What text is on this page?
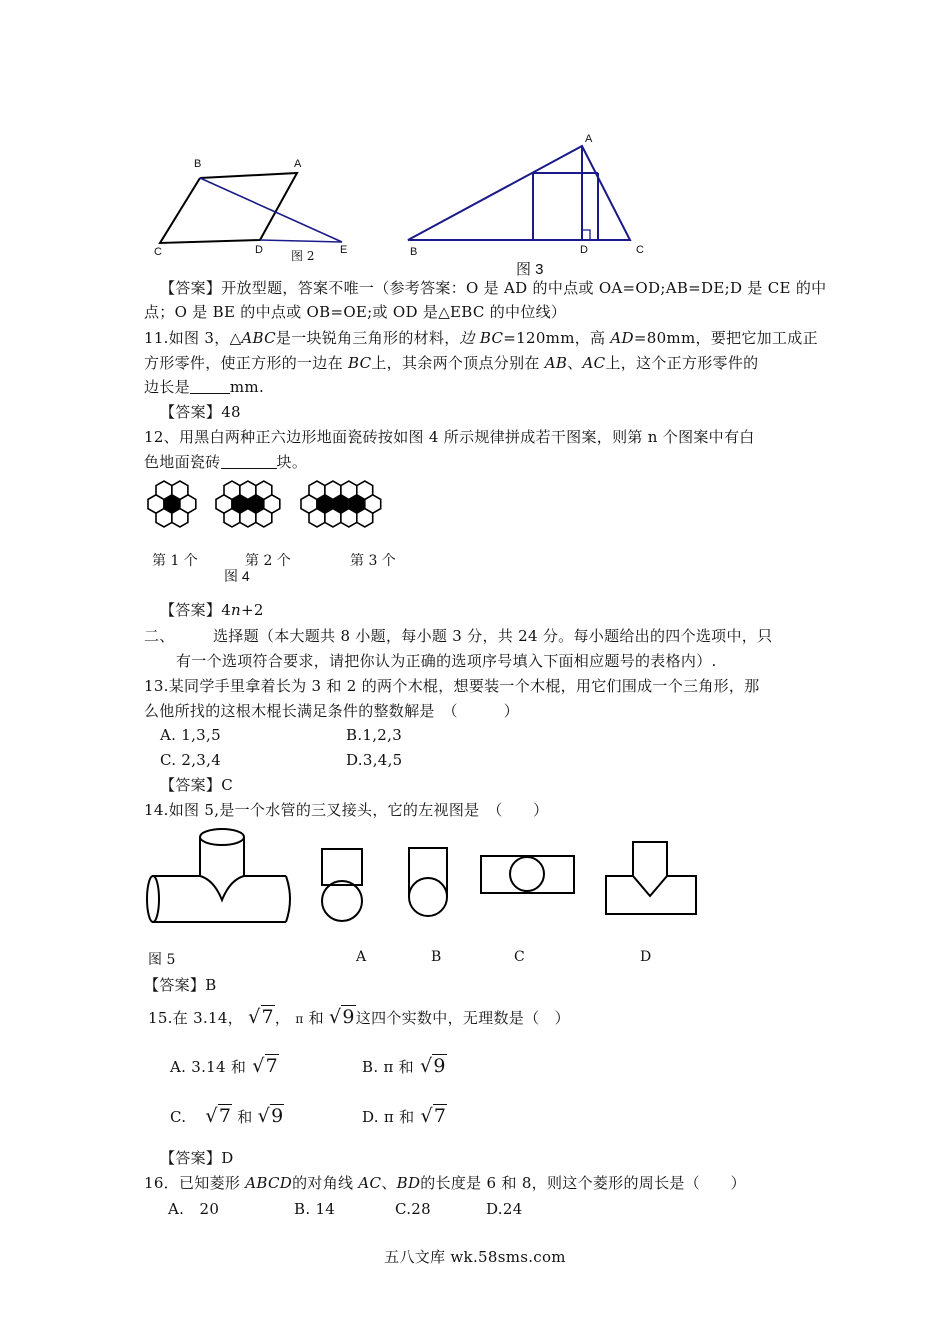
B	A
C	D	E
图 2
A
B	D	C
图 3
【答案】开放型题，答案不唯一（参考答案：O 是 AD 的中点或 OA=OD;AB=DE;D 是 CE 的中
点；O 是 BE 的中点或 OB=OE;或 OD 是△EBC 的中位线）
11.如图 3，△ABC是一块锐角三角形的材料，边 BC=120mm，高 AD=80mm，要把它加工成正
方形零件，使正方形的一边在 BC上，其余两个顶点分别在 AB、AC上，这个正方形零件的
边长是	mm.
【答案】48
12、用黑白两种正六边形地面瓷砖按如图 4 所示规律拼成若干图案，则第 n 个图案中有白
色地面瓷砖	块。
第 1 个	第 2 个	第 3 个
图 4
【答案】4n+2
二、	选择题（本大题共 8 小题，每小题 3 分，共 24 分。每小题给出的四个选项中，只
有一个选项符合要求，请把你认为正确的选项序号填入下面相应题号的表格内）.
13.某同学手里拿着长为 3 和 2 的两个木棍，想要装一个木棍，用它们围成一个三角形，那
么他所找的这根木棍长满足条件的整数解是　（　　　）
A. 1,3,5	B.1,2,3
C. 2,3,4	D.3,4,5
【答案】C
14.如图 5,是一个水管的三叉接头，它的左视图是　（　　）
图 5	A	B	C	D
【答案】B
15.在 3.14， √7， π 和 √9这四个实数中，无理数是（　）
A. 3.14 和 √7	B. π 和 √9
C. √7 和 √9	D. π 和 √7
【答案】D
16．已知菱形 ABCD的对角线 AC、BD的长度是 6 和 8，则这个菱形的周长是（　　）
A.　20	B. 14	C.28	D.24
五八文库 wk.58sms.com
